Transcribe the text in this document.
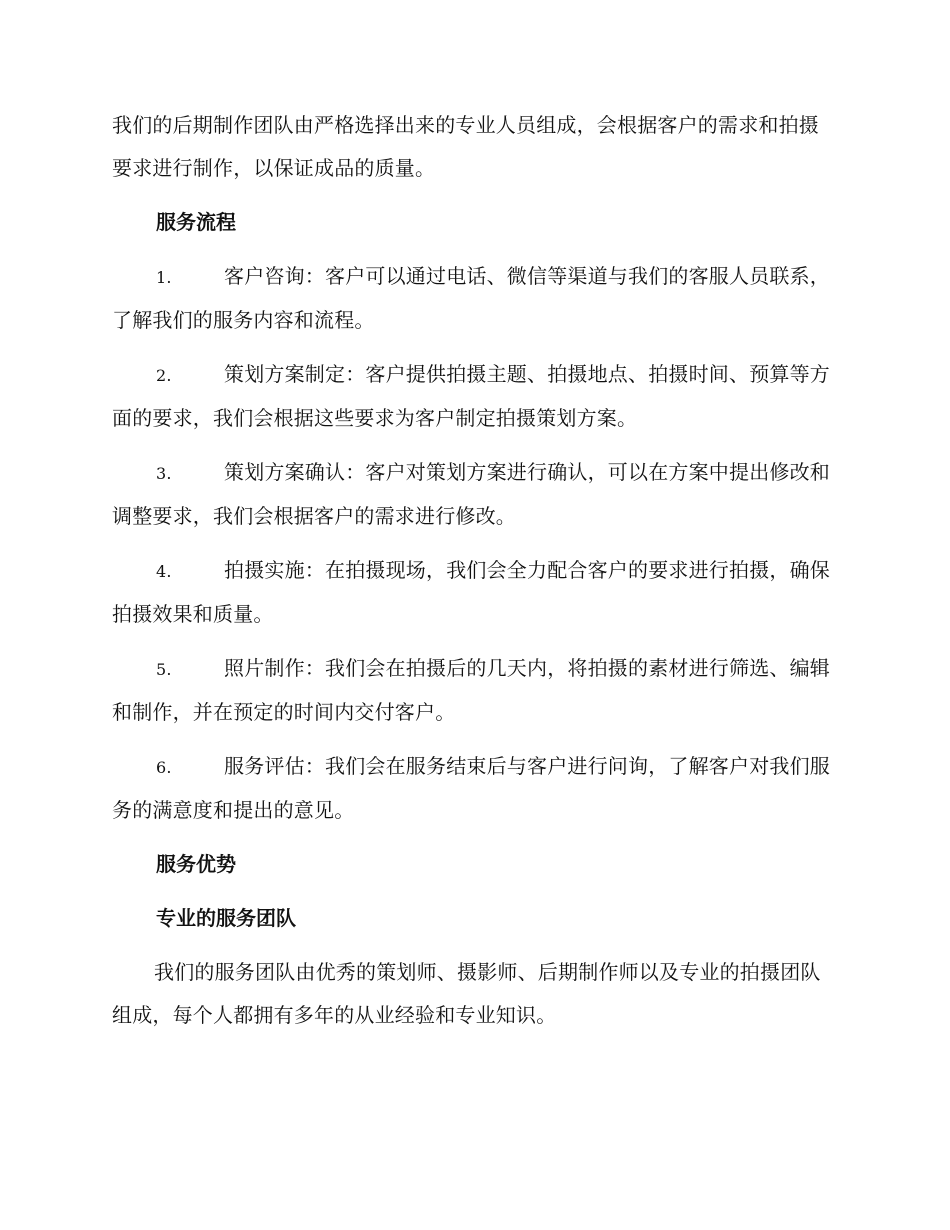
我们的后期制作团队由严格选择出来的专业人员组成，会根据客户的需求和拍摄要求进行制作，以保证成品的质量。

服务流程
1.	客户咨询：客户可以通过电话、微信等渠道与我们的客服人员联系，了解我们的服务内容和流程。
2.	策划方案制定：客户提供拍摄主题、拍摄地点、拍摄时间、预算等方面的要求，我们会根据这些要求为客户制定拍摄策划方案。
3.	策划方案确认：客户对策划方案进行确认，可以在方案中提出修改和调整要求，我们会根据客户的需求进行修改。
4.	拍摄实施：在拍摄现场，我们会全力配合客户的要求进行拍摄，确保拍摄效果和质量。
5.	照片制作：我们会在拍摄后的几天内，将拍摄的素材进行筛选、编辑和制作，并在预定的时间内交付客户。
6.	服务评估：我们会在服务结束后与客户进行问询，了解客户对我们服务的满意度和提出的意见。
服务优势
专业的服务团队

我们的服务团队由优秀的策划师、摄影师、后期制作师以及专业的拍摄团队组成，每个人都拥有多年的从业经验和专业知识。
